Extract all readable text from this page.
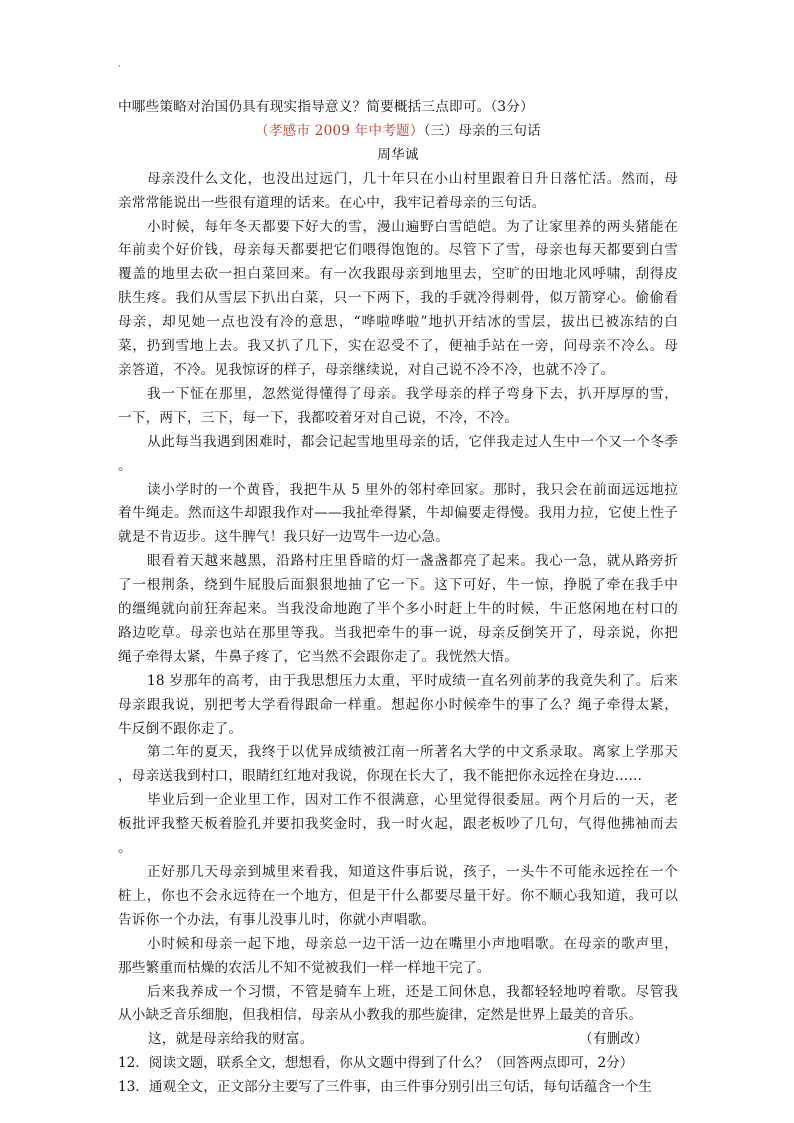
·
中哪些策略对治国仍具有现实指导意义？简要概括三点即可。（3分）
（孝感市 2009 年中考题）（三）母亲的三句话
周华诚
母亲没什么文化，也没出过远门，几十年只在小山村里跟着日升日落忙活。然而，母
亲常常能说出一些很有道理的话来。在心中，我牢记着母亲的三句话。
小时候，每年冬天都要下好大的雪，漫山遍野白雪皑皑。为了让家里养的两头猪能在
年前卖个好价钱，母亲每天都要把它们喂得饱饱的。尽管下了雪，母亲也每天都要到白雪
覆盖的地里去砍一担白菜回来。有一次我跟母亲到地里去，空旷的田地北风呼啸，刮得皮
肤生疼。我们从雪层下扒出白菜，只一下两下，我的手就冷得刺骨，似万箭穿心。偷偷看
母亲，却见她一点也没有冷的意思，“哗啦哗啦”地扒开结冰的雪层，拔出已被冻结的白
菜，扔到雪地上去。我又扒了几下，实在忍受不了，便袖手站在一旁，问母亲不冷么。母
亲答道，不冷。见我惊讶的样子，母亲继续说，对自己说不冷不冷，也就不冷了。
我一下怔在那里，忽然觉得懂得了母亲。我学母亲的样子弯身下去，扒开厚厚的雪，
一下，两下，三下，每一下，我都咬着牙对自己说，不冷，不冷。
从此每当我遇到困难时，都会记起雪地里母亲的话，它伴我走过人生中一个又一个冬季
。
读小学时的一个黄昏，我把牛从 5 里外的邻村牵回家。那时，我只会在前面远远地拉
着牛绳走。然而这牛却跟我作对——我扯牵得紧，牛却偏要走得慢。我用力拉，它使上性子
就是不肯迈步。这牛脾气！我只好一边骂牛一边心急。
眼看着天越来越黑，沿路村庄里昏暗的灯一盏盏都亮了起来。我心一急，就从路旁折
了一根荆条，绕到牛屁股后面狠狠地抽了它一下。这下可好，牛一惊，挣脱了牵在我手中
的缰绳就向前狂奔起来。当我没命地跑了半个多小时赶上牛的时候，牛正悠闲地在村口的
路边吃草。母亲也站在那里等我。当我把牵牛的事一说，母亲反倒笑开了，母亲说，你把
绳子牵得太紧，牛鼻子疼了，它当然不会跟你走了。我恍然大悟。
18 岁那年的高考，由于我思想压力太重，平时成绩一直名列前茅的我竟失利了。后来
母亲跟我说，别把考大学看得跟命一样重。想起你小时候牵牛的事了么？绳子牵得太紧，
牛反倒不跟你走了。
第二年的夏天，我终于以优异成绩被江南一所著名大学的中文系录取。离家上学那天
，母亲送我到村口，眼睛红红地对我说，你现在长大了，我不能把你永远拴在身边……
毕业后到一企业里工作，因对工作不很满意，心里觉得很委屈。两个月后的一天，老
板批评我整天板着脸孔并要扣我奖金时，我一时火起，跟老板吵了几句，气得他拂袖而去
。
正好那几天母亲到城里来看我，知道这件事后说，孩子，一头牛不可能永远拴在一个
桩上，你也不会永远待在一个地方，但是干什么都要尽量干好。你不顺心我知道，我可以
告诉你一个办法，有事儿没事儿时，你就小声唱歌。
小时候和母亲一起下地，母亲总一边干活一边在嘴里小声地唱歌。在母亲的歌声里，
那些繁重而枯燥的农活儿不知不觉被我们一样一样地干完了。
后来我养成一个习惯，不管是骑车上班，还是工间休息，我都轻轻地哼着歌。尽管我
从小缺乏音乐细胞，但我相信，母亲从小教我的那些旋律，定然是世界上最美的音乐。
这，就是母亲给我的财富。	（有删改）
12．阅读文题，联系全文，想想看，你从文题中得到了什么？（回答两点即可，2分）
13．通观全文，正文部分主要写了三件事，由三件事分别引出三句话，每句话蕴含一个生
